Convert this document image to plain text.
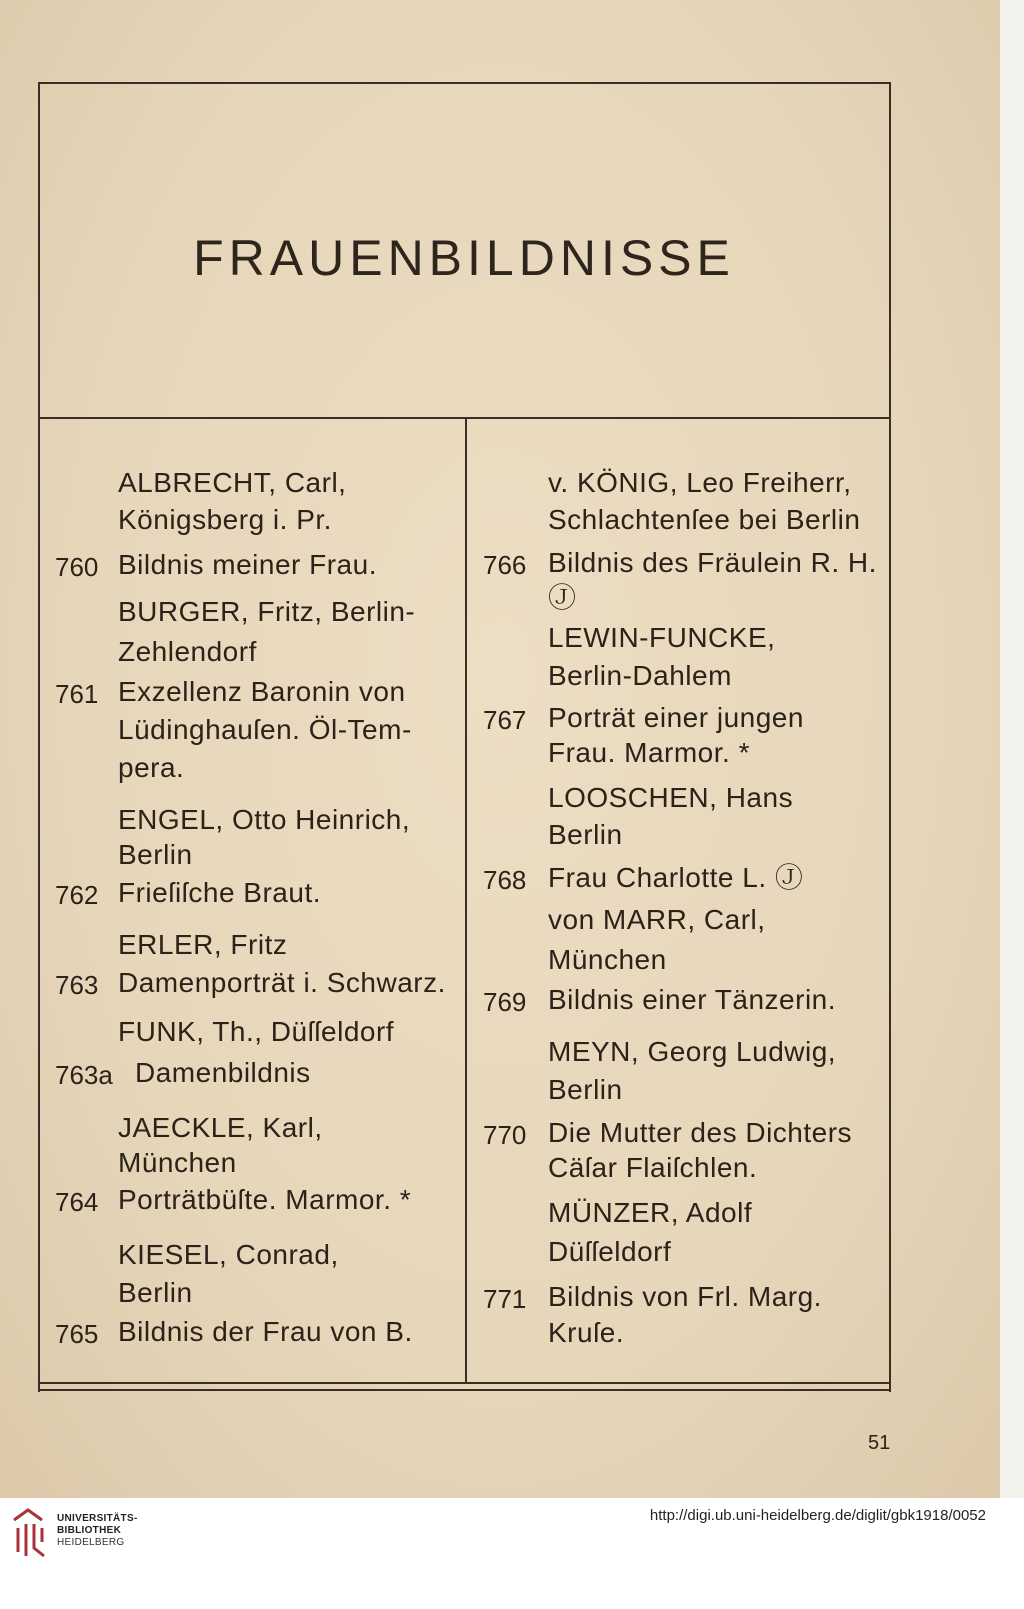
FRAUENBILDNISSE
ALBRECHT, Carl,
Königsberg i. Pr.
760 Bildnis meiner Frau.
BURGER, Fritz, Berlin-
Zehlendorf
761 Exzellenz Baronin von
Lüdinghauſen. Öl-Tem-
pera.
ENGEL, Otto Heinrich,
Berlin
762 Frieſiſche Braut.
ERLER, Fritz
763 Damenporträt i. Schwarz.
FUNK, Th., Düſſeldorf
763a Damenbildnis
JAECKLE, Karl,
München
764 Porträtbüſte. Marmor. *
KIESEL, Conrad,
Berlin
765 Bildnis der Frau von B.
v. KÖNIG, Leo Freiherr,
Schlachtenſee bei Berlin
766 Bildnis des Fräulein R. H.
Ⓙ
LEWIN-FUNCKE,
Berlin-Dahlem
767 Porträt einer jungen
Frau. Marmor. *
LOOSCHEN, Hans
Berlin
768 Frau Charlotte L. Ⓙ
von MARR, Carl,
München
769 Bildnis einer Tänzerin.
MEYN, Georg Ludwig,
Berlin
770 Die Mutter des Dichters
Cäſar Flaiſchlen.
MÜNZER, Adolf
Düſſeldorf
771 Bildnis von Frl. Marg.
Kruſe.
51
UNIVERSITÄTS-
BIBLIOTHEK
HEIDELBERG
http://digi.ub.uni-heidelberg.de/diglit/gbk1918/0052
